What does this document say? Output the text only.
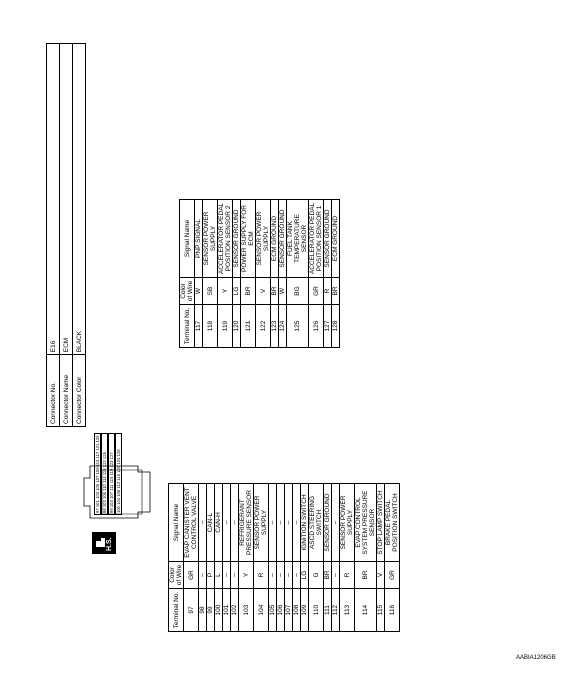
Connector No.	E16
Connector Name	ECM
Connector Color	BLACK
H.S.
97 101 103 105 107 109 113 117 121 125
98 102 106 110 114 118 122 126
99 103 107 111 115 119 123 127
100 104 108 112 116 120 124 128
Terminal No.	Color of Wire	Signal Name
97	GR	EVAP CANISTER VENT CONTROL VALVE
98	–	–
99	P	CAN-L
100	L	CAN-H
101	–	–
102	–	–
103	Y	REFRIGERANT PRESSURE SENSOR
104	R	SENSOR POWER SUPPLY
105	–	–
106	–	–
107	–	–
108	–	–
109	LG	IGNITION SWITCH
110	G	ASCD STEERING SWITCH
111	BR	SENSOR GROUND
112	–	–
113	R	SENSOR POWER SUPPLY
114	BR	EVAP CONTROL SYSTEM PRESSURE SENSOR
115	V	STOP LAMP SWITCH
116	GR	BRAKE PEDAL POSITION SWITCH
Terminal No.	Color of Wire	Signal Name
117	W	PNP SIGNAL
118	SB	SENSOR POWER SUPPLY
119	Y	ACCELERATOR PEDAL POSITION SENSOR 2
120	LG	SENSOR GROUND
121	BR	POWER SUPPLY FOR ECM
122	V	SENSOR POWER SUPPLY
123	BR	ECM GROUND
124	W	SENSOR GROUND
125	BG	FUEL TANK TEMPERATURE SENSOR
126	GR	ACCELERATOR PEDAL POSITION SENSOR 1
127	R	SENSOR GROUND
128	BR	ECM GROUND
AABIA1206GB
